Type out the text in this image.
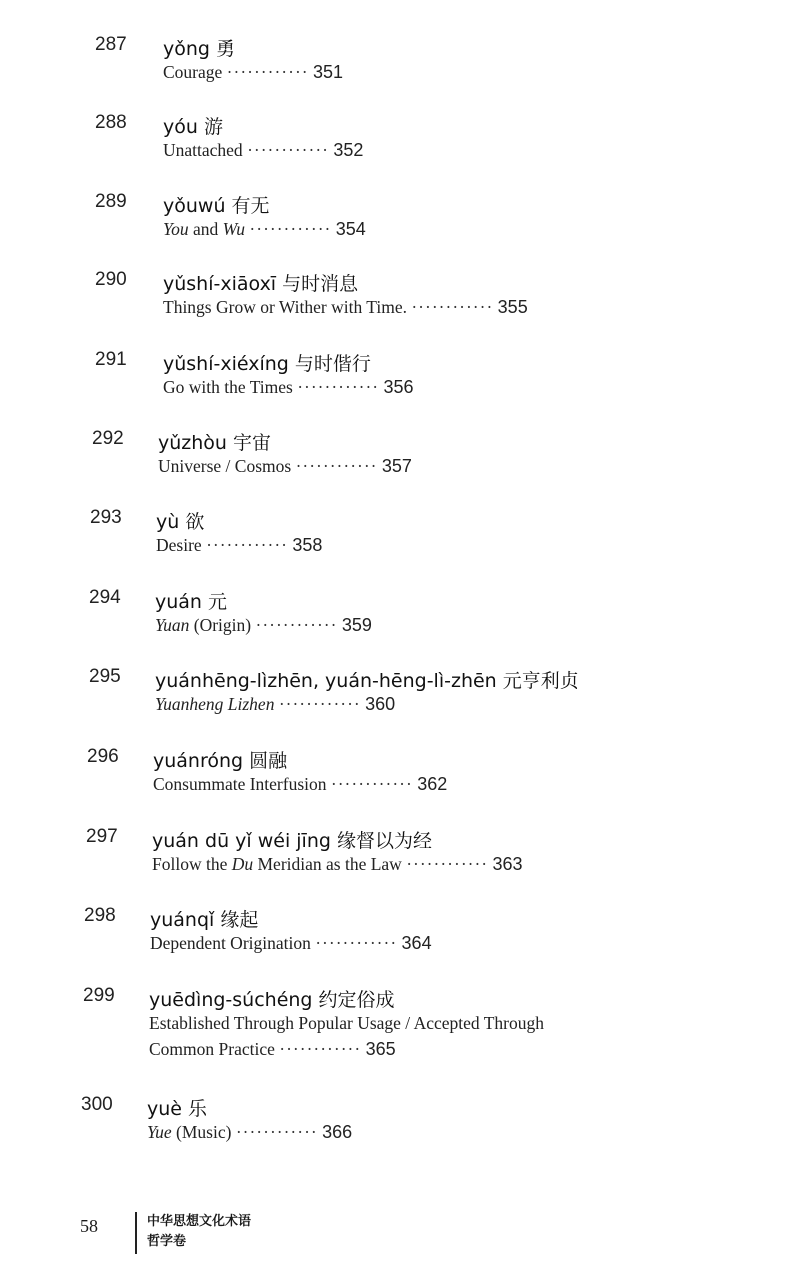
287 yǒng 勇
Courage ············ 351
288 yóu 游
Unattached ············ 352
289 yǒuwú 有无
You and Wu ············ 354
290 yǔshí-xiāoxī 与时消息
Things Grow or Wither with Time. ············ 355
291 yǔshí-xiéxíng 与时偕行
Go with the Times ············ 356
292 yǔzhòu 宇宙
Universe / Cosmos ············ 357
293 yù 欲
Desire ············ 358
294 yuán 元
Yuan (Origin) ············ 359
295 yuánhēng-lìzhēn, yuán-hēng-lì-zhēn 元亨利贞
Yuanheng Lizhen ············ 360
296 yuánróng 圆融
Consummate Interfusion ············ 362
297 yuán dū yǐ wéi jīng 缘督以为经
Follow the Du Meridian as the Law ············ 363
298 yuánqǐ 缘起
Dependent Origination ············ 364
299 yuēdìng-súchéng 约定俗成
Established Through Popular Usage / Accepted Through
Common Practice ············ 365
300 yuè 乐
Yue (Music) ············ 366
58	中华思想文化术语
哲学卷
